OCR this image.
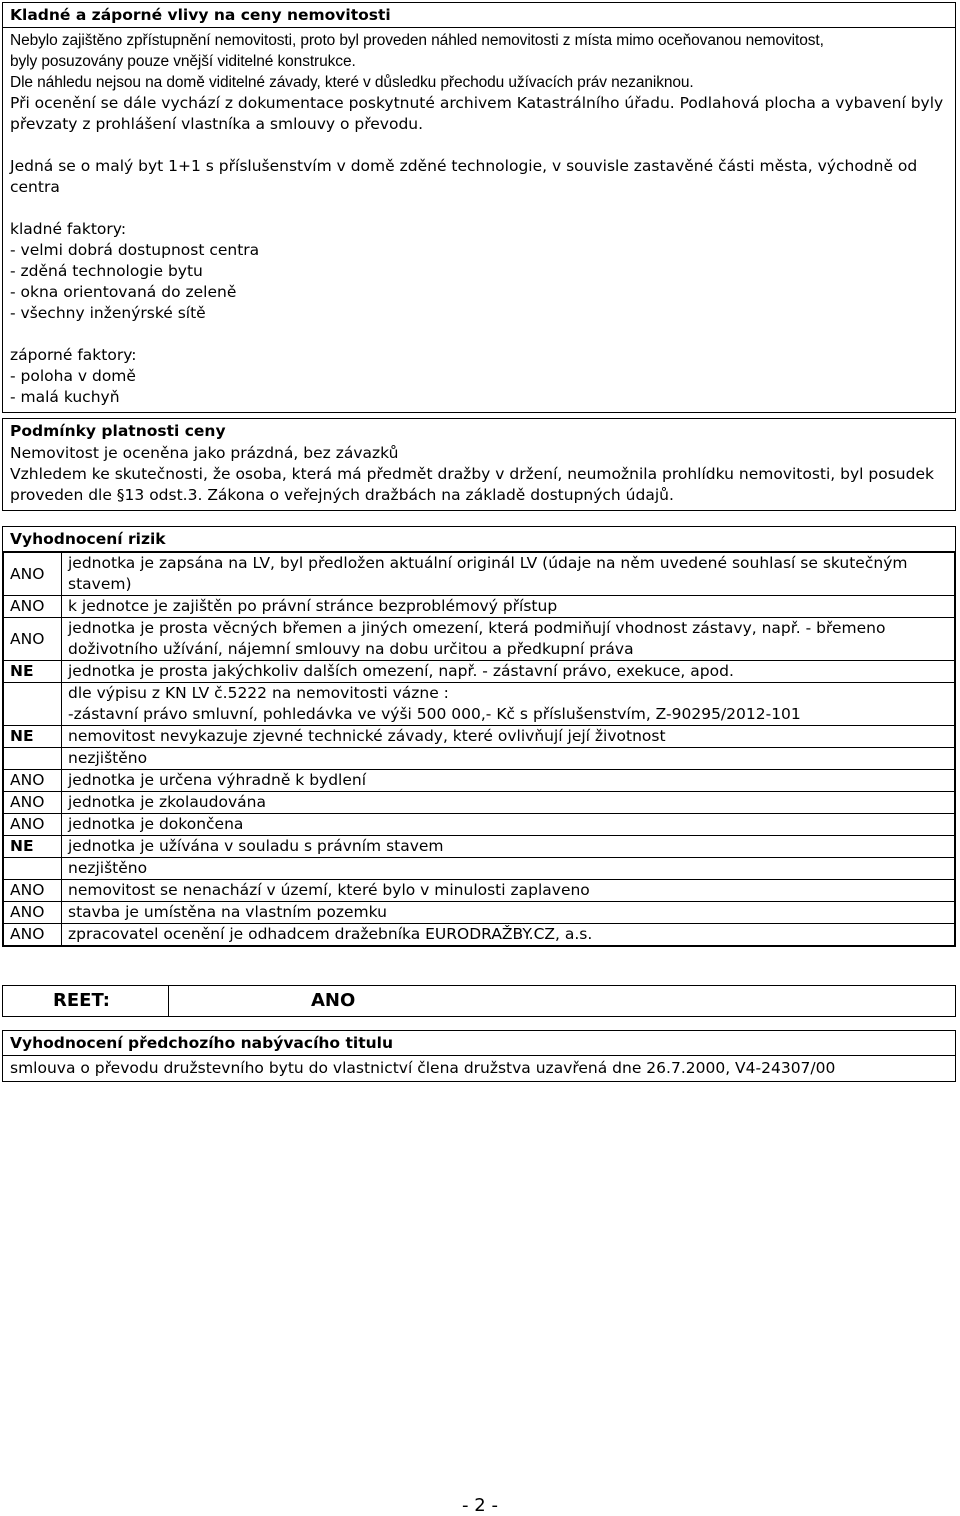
Kladné a záporné vlivy na ceny nemovitosti
Nebylo zajištěno zpřístupnění nemovitosti, proto byl proveden náhled nemovitosti z místa mimo oceňovanou nemovitost,
byly posuzovány pouze vnější viditelné konstrukce.
Dle náhledu nejsou na domě viditelné závady, které v důsledku přechodu užívacích práv nezaniknou.
Při ocenění se dále vychází z dokumentace poskytnuté archivem Katastrálního úřadu. Podlahová plocha a vybavení byly
převzaty z prohlášení vlastníka a smlouvy o převodu.
Jedná se o malý byt 1+1 s příslušenstvím v domě zděné technologie, v souvisle zastavěné části města, východně od
centra
kladné faktory:
- velmi dobrá dostupnost centra
- zděná technologie bytu
- okna orientovaná do zeleně
- všechny inženýrské sítě
záporné faktory:
- poloha v domě
- malá kuchyň
Podmínky platnosti ceny
Nemovitost je oceněna jako prázdná, bez závazků
Vzhledem ke skutečnosti, že osoba, která má předmět dražby v držení, neumožnila prohlídku nemovitosti, byl posudek
proveden dle §13 odst.3. Zákona o veřejných dražbách na základě dostupných údajů.
Vyhodnocení rizik
ANO	jednotka je zapsána na LV, byl předložen aktuální originál LV (údaje na něm uvedené souhlasí se skutečným
stavem)

ANO	k jednotce je zajištěn po právní stránce bezproblémový přístup

ANO	jednotka je prosta věcných břemen a jiných omezení, která podmiňují vhodnost zástavy, např. - břemeno
doživotního užívání, nájemní smlouvy na dobu určitou a předkupní práva

NE	jednotka je prosta jakýchkoliv dalších omezení, např. - zástavní právo, exekuce, apod.

	dle výpisu z KN LV č.5222 na nemovitosti vázne :
-zástavní právo smluvní, pohledávka ve výši 500 000,- Kč s příslušenstvím, Z-90295/2012-101

NE	nemovitost nevykazuje zjevné technické závady, které ovlivňují její životnost

	nezjištěno

ANO	jednotka je určena výhradně k bydlení

ANO	jednotka je zkolaudována

ANO	jednotka je dokončena

NE	jednotka je užívána v souladu s právním stavem

	nezjištěno

ANO	nemovitost se nenachází v území, které bylo v minulosti zaplaveno

ANO	stavba je umístěna na vlastním pozemku

ANO	zpracovatel ocenění je odhadcem dražebníka EURODRAŽBY.CZ, a.s.
REET:	ANO
Vyhodnocení předchozího nabývacího titulu
smlouva o převodu družstevního bytu do vlastnictví člena družstva uzavřená dne 26.7.2000, V4-24307/00
- 2 -
